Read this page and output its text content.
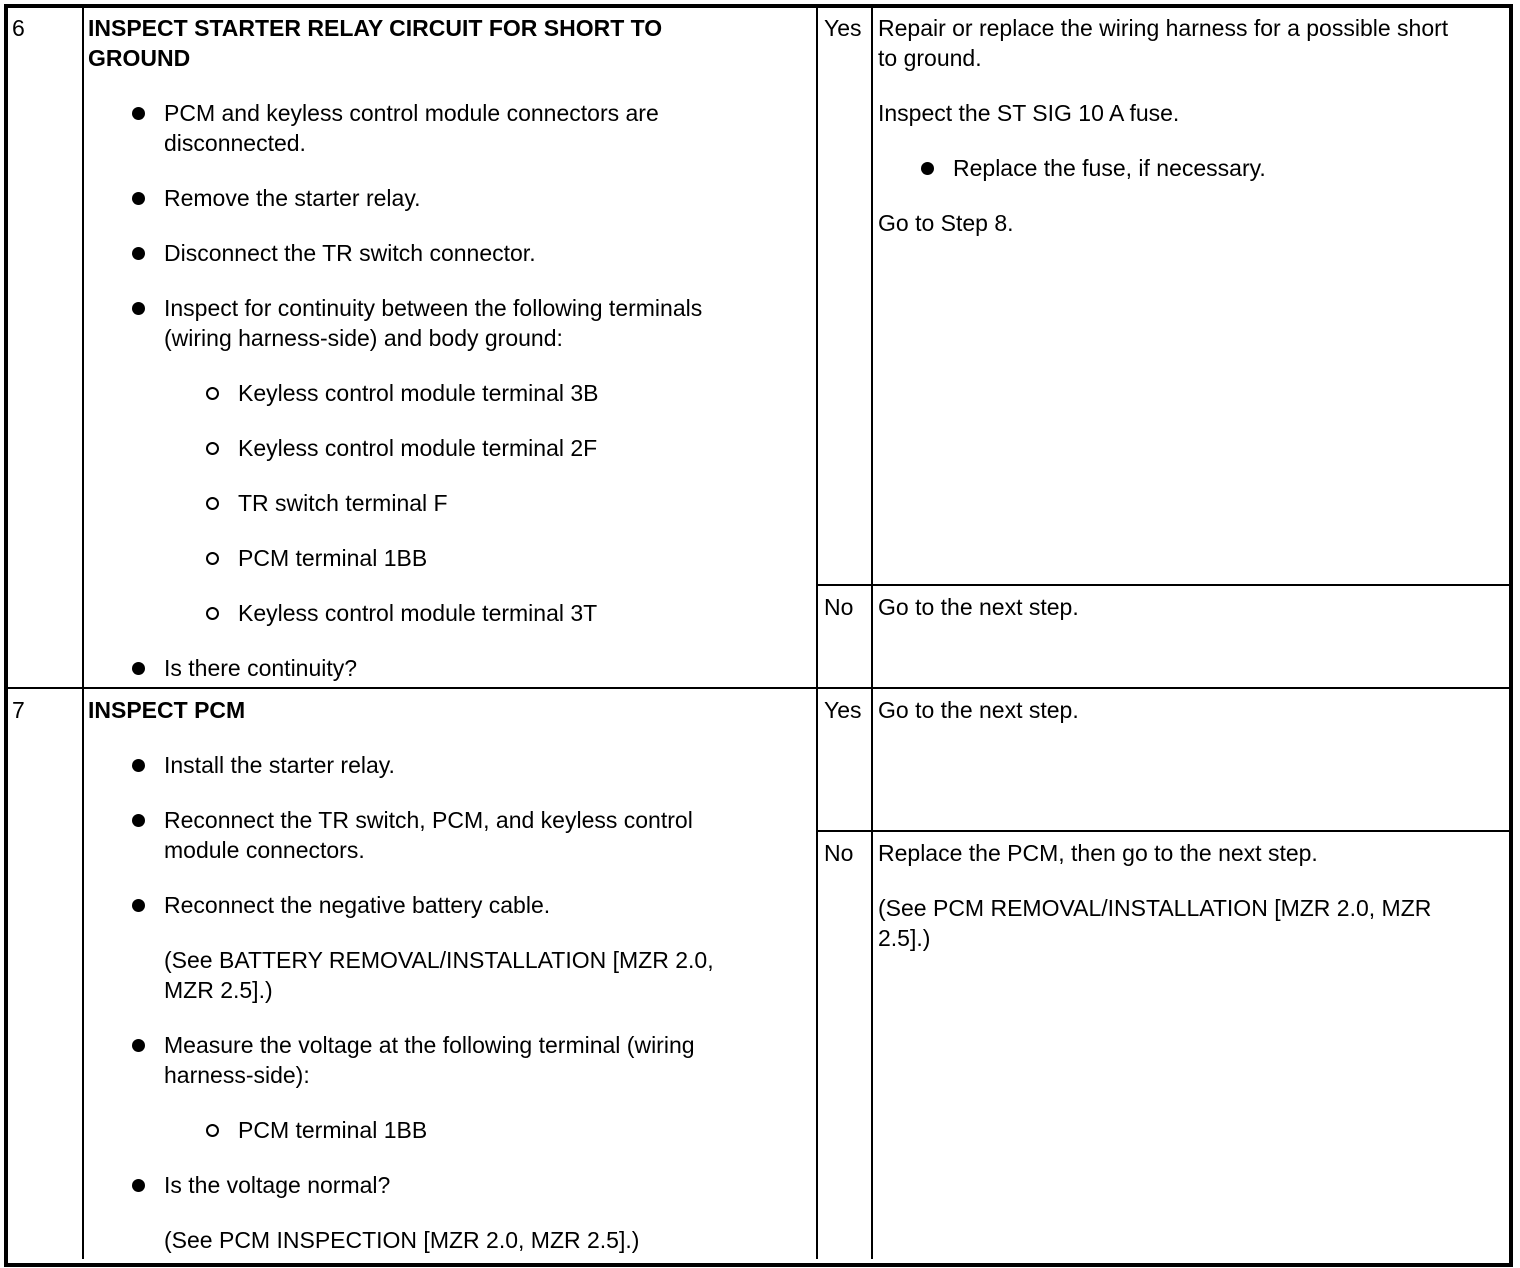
6	INSPECT STARTER RELAY CIRCUIT FOR SHORT TO
GROUND
PCM and keyless control module connectors are
disconnected.
Remove the starter relay.
Disconnect the TR switch connector.
Inspect for continuity between the following terminals
(wiring harness-side) and body ground:
Keyless control module terminal 3B
Keyless control module terminal 2F
TR switch terminal F
PCM terminal 1BB
Keyless control module terminal 3T
Is there continuity?
Yes Repair or replace the wiring harness for a possible short
to ground.
Inspect the ST SIG 10 A fuse.
Replace the fuse, if necessary.
Go to Step 8.
No Go to the next step.
7	INSPECT PCM
Install the starter relay.
Reconnect the TR switch, PCM, and keyless control
module connectors.
Reconnect the negative battery cable.
(See BATTERY REMOVAL/INSTALLATION [MZR 2.0,
MZR 2.5].)
Measure the voltage at the following terminal (wiring
harness-side):
PCM terminal 1BB
Is the voltage normal?
(See PCM INSPECTION [MZR 2.0, MZR 2.5].)
Yes Go to the next step.
No Replace the PCM, then go to the next step.
(See PCM REMOVAL/INSTALLATION [MZR 2.0, MZR
2.5].)
